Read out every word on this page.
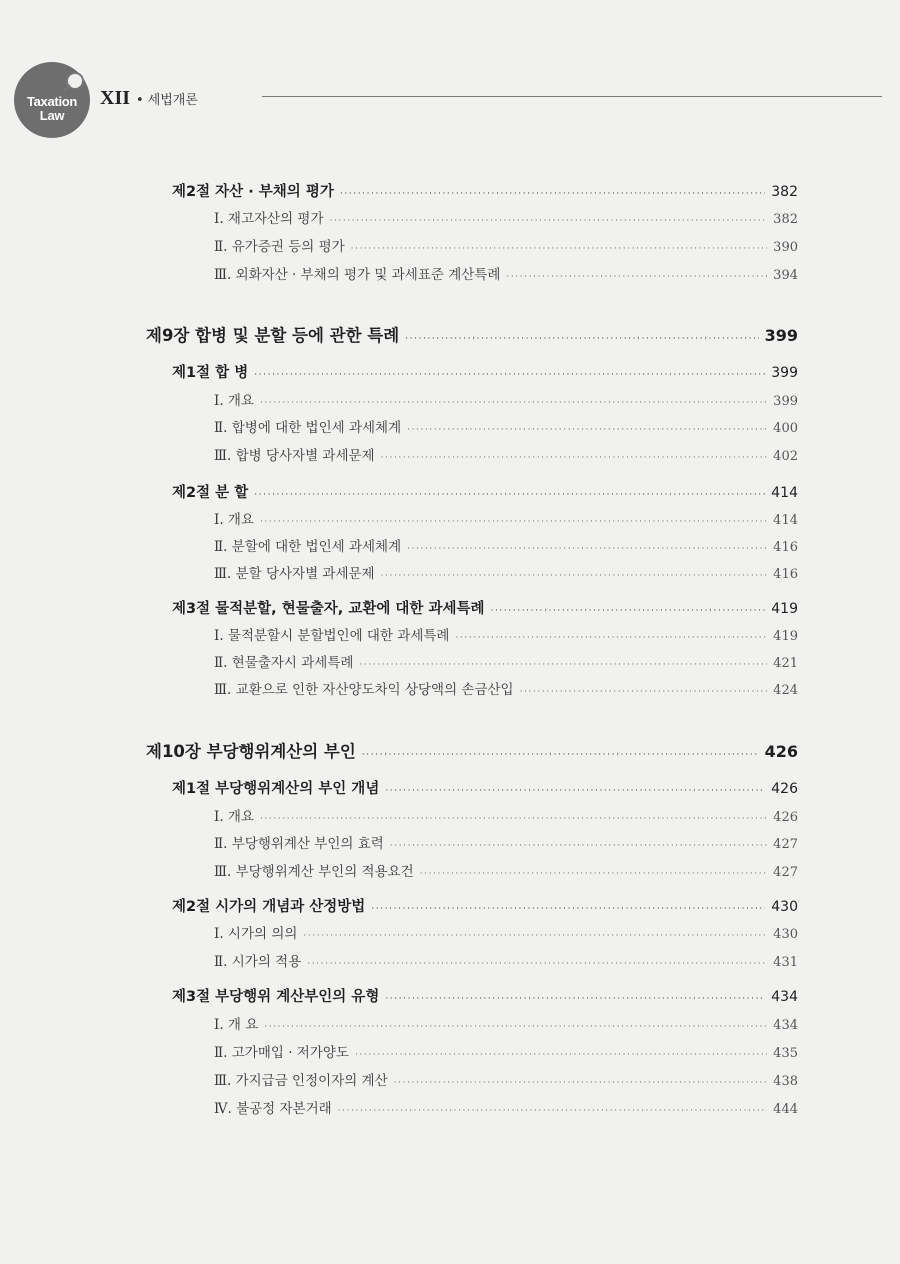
Taxation Law
XII • 세법개론
제2절 자산 · 부채의 평가 ·····	382
Ⅰ. 재고자산의 평가 ·····	382
Ⅱ. 유가증권 등의 평가 ·····	390
Ⅲ. 외화자산 · 부채의 평가 및 과세표준 계산특례 ·····	394
제9장 합병 및 분할 등에 관한 특례 ·····	399
제1절 합 병 ·····	399
Ⅰ. 개요 ·····	399
Ⅱ. 합병에 대한 법인세 과세체계 ·····	400
Ⅲ. 합병 당사자별 과세문제 ·····	402
제2절 분 할 ·····	414
Ⅰ. 개요 ·····	414
Ⅱ. 분할에 대한 법인세 과세체계 ·····	416
Ⅲ. 분할 당사자별 과세문제 ·····	416
제3절 물적분할, 현물출자, 교환에 대한 과세특례 ·····	419
Ⅰ. 물적분할시 분할법인에 대한 과세특례 ·····	419
Ⅱ. 현물출자시 과세특례 ·····	421
Ⅲ. 교환으로 인한 자산양도차익 상당액의 손금산입 ·····	424
제10장 부당행위계산의 부인 ·····	426
제1절 부당행위계산의 부인 개념 ·····	426
Ⅰ. 개요 ·····	426
Ⅱ. 부당행위계산 부인의 효력 ·····	427
Ⅲ. 부당행위계산 부인의 적용요건 ·····	427
제2절 시가의 개념과 산정방법 ·····	430
Ⅰ. 시가의 의의 ·····	430
Ⅱ. 시가의 적용 ·····	431
제3절 부당행위 계산부인의 유형 ·····	434
Ⅰ. 개 요 ·····	434
Ⅱ. 고가매입 · 저가양도 ·····	435
Ⅲ. 가지급금 인정이자의 계산 ·····	438
Ⅳ. 불공정 자본거래 ·····	444
